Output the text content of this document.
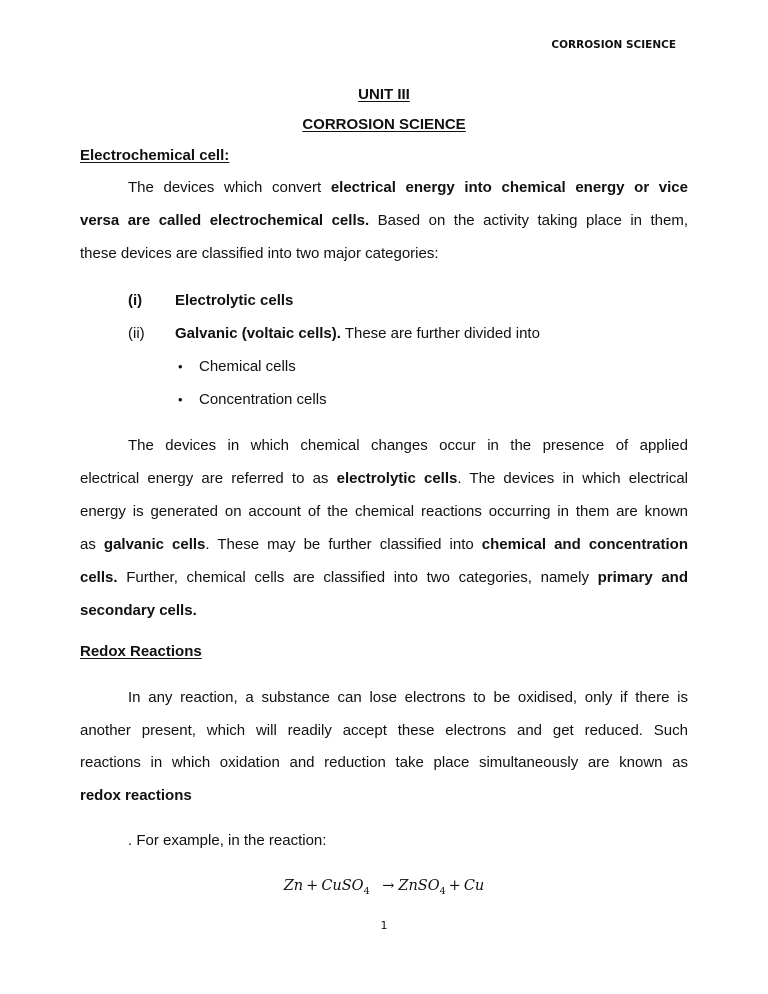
CORROSION SCIENCE
UNIT III
CORROSION SCIENCE
Electrochemical cell:
The devices which convert electrical energy into chemical energy or vice
versa are called electrochemical cells. Based on the activity taking place in them,
these devices are classified into two major categories:
(i) Electrolytic cells
(ii) Galvanic (voltaic cells). These are further divided into
• Chemical cells
• Concentration cells
The devices in which chemical changes occur in the presence of applied
electrical energy are referred to as electrolytic cells. The devices in which electrical
energy is generated on account of the chemical reactions occurring in them are known
as galvanic cells. These may be further classified into chemical and concentration
cells. Further, chemical cells are classified into two categories, namely primary and
secondary cells.
Redox Reactions
In any reaction, a substance can lose electrons to be oxidised, only if there is
another present, which will readily accept these electrons and get reduced. Such
reactions in which oxidation and reduction take place simultaneously are known as
redox reactions
. For example, in the reaction:
Zn + CuSO$_4$ → ZnSO$_4$ + Cu
1
